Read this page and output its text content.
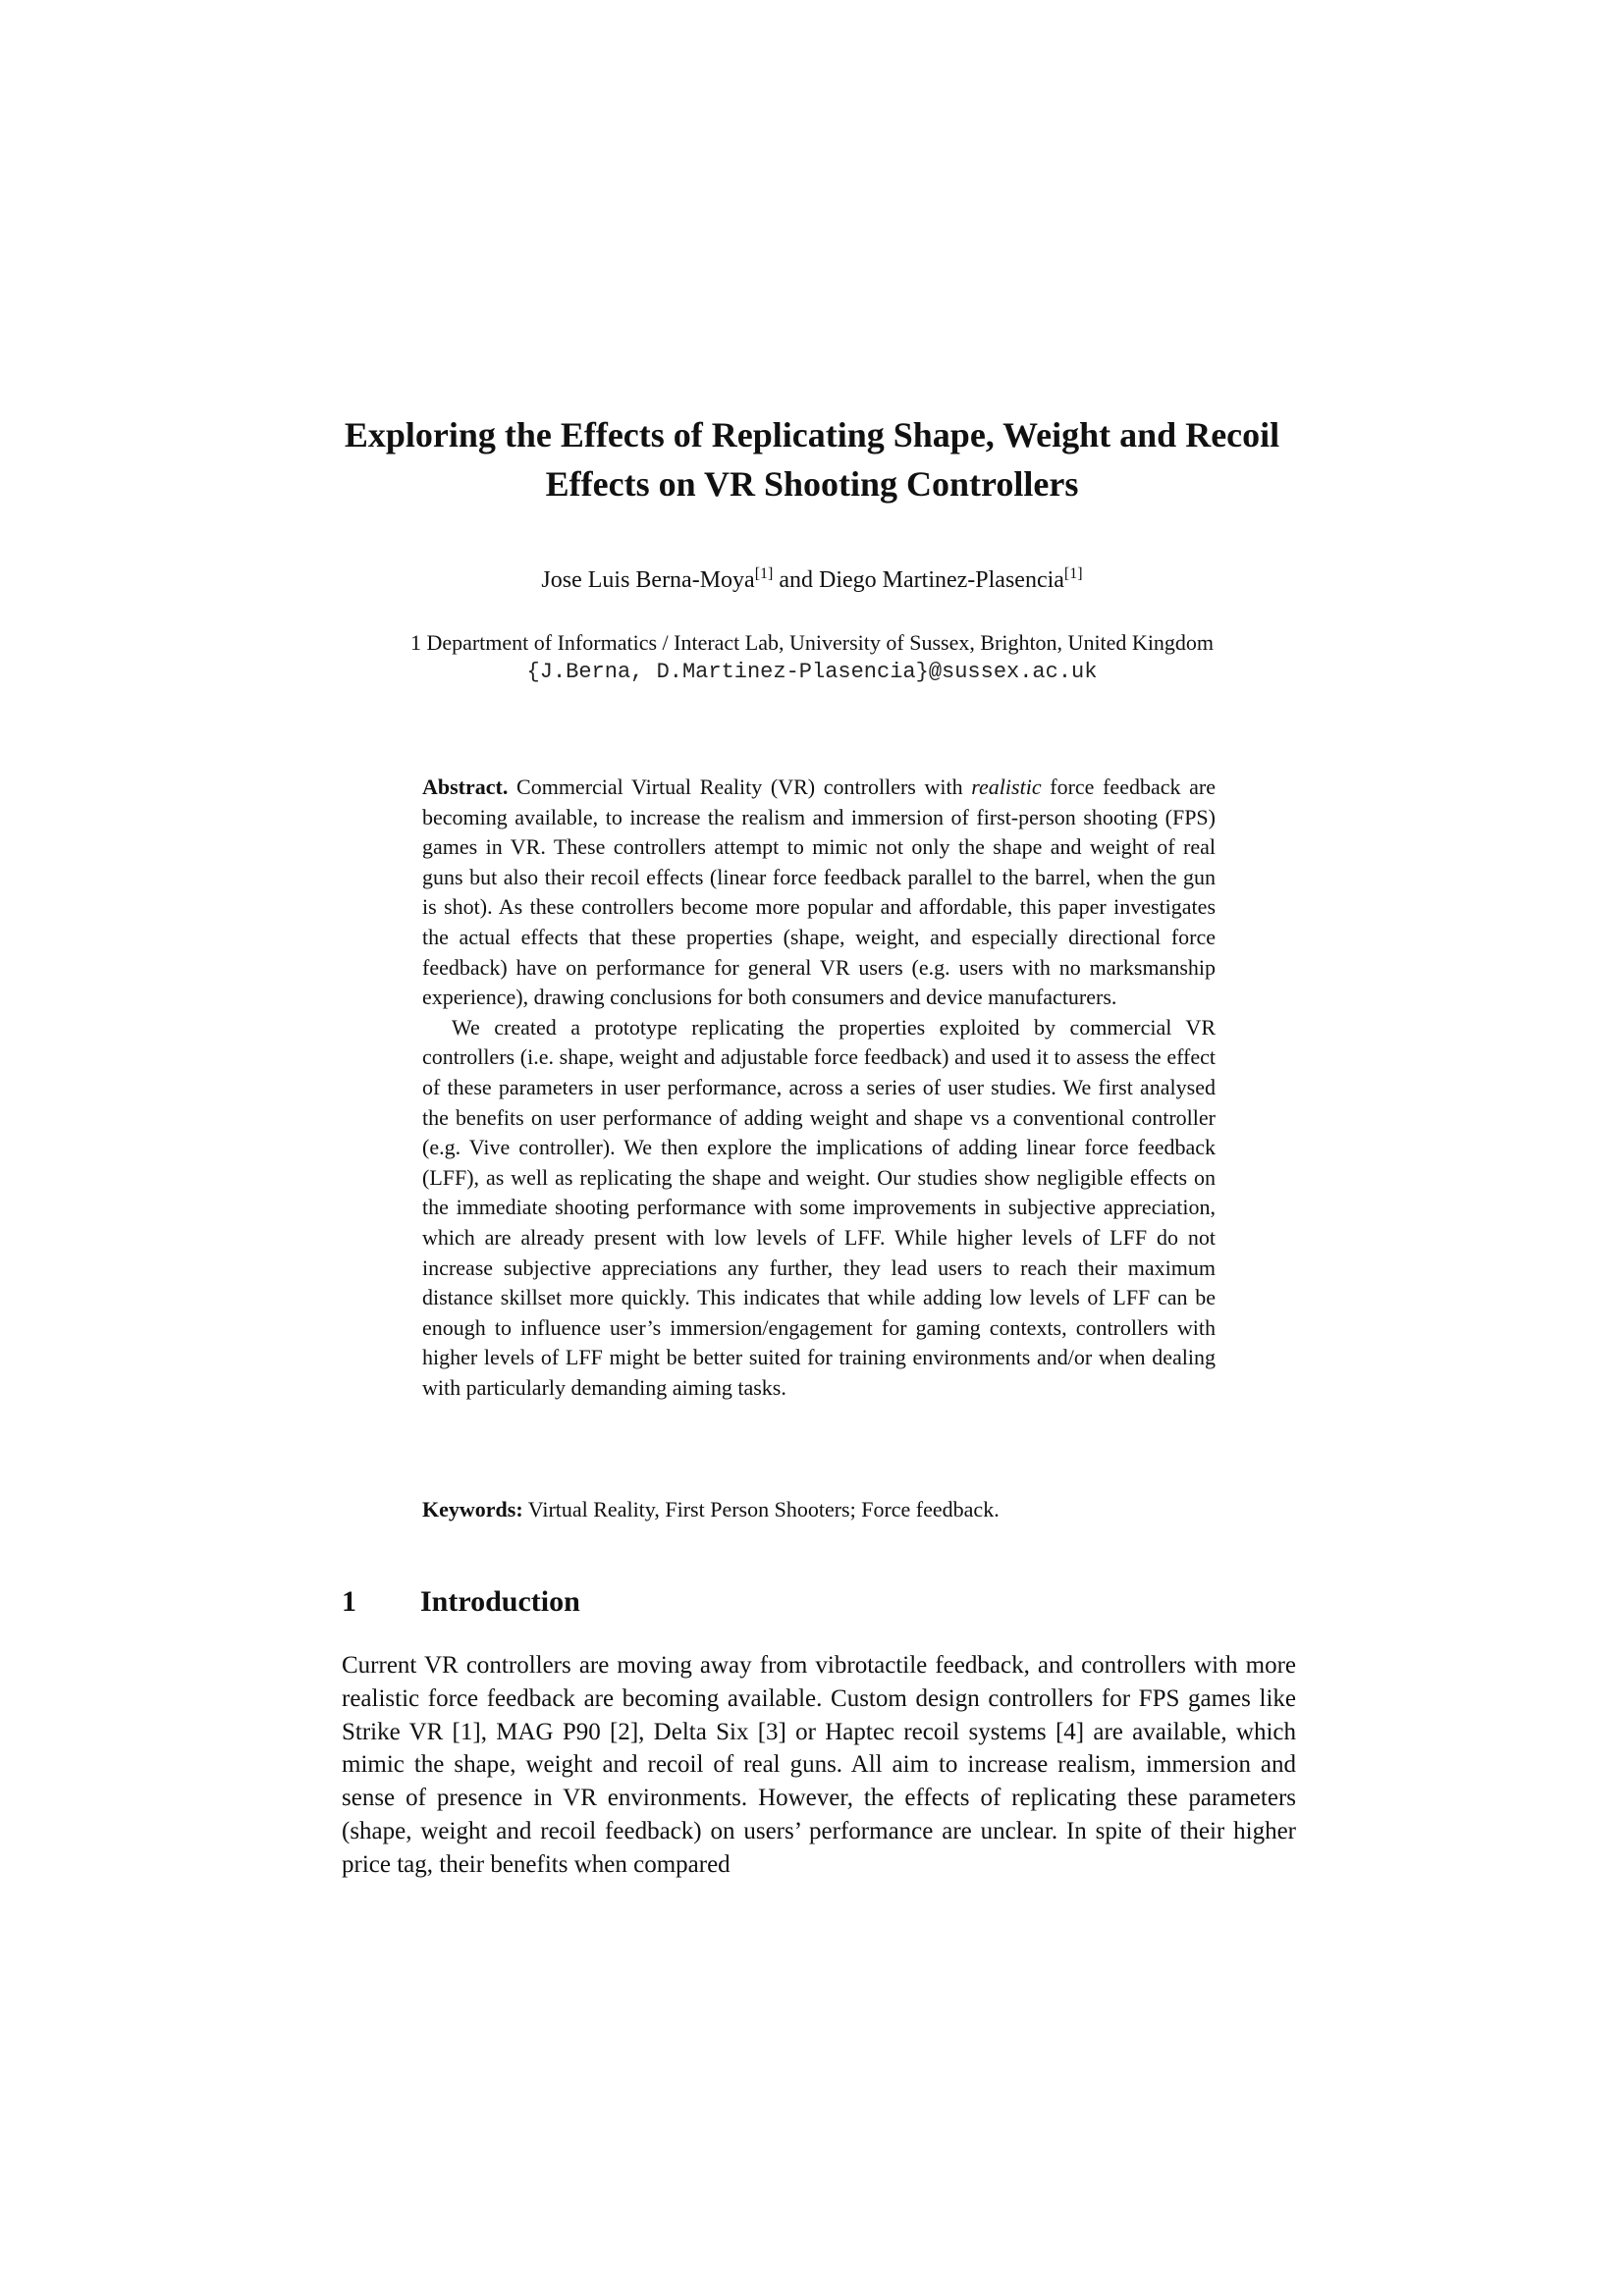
Exploring the Effects of Replicating Shape, Weight and Recoil Effects on VR Shooting Controllers
Jose Luis Berna-Moya[1] and Diego Martinez-Plasencia[1]
1 Department of Informatics / Interact Lab, University of Sussex, Brighton, United Kingdom
{J.Berna, D.Martinez-Plasencia}@sussex.ac.uk

Abstract. Commercial Virtual Reality (VR) controllers with realistic force feedback are becoming available, to increase the realism and immersion of first-person shooting (FPS) games in VR. These controllers attempt to mimic not only the shape and weight of real guns but also their recoil effects (linear force feedback parallel to the barrel, when the gun is shot). As these controllers become more popular and affordable, this paper investigates the actual effects that these properties (shape, weight, and especially directional force feedback) have on performance for general VR users (e.g. users with no marksmanship experience), drawing conclusions for both consumers and device manufacturers.

We created a prototype replicating the properties exploited by commercial VR controllers (i.e. shape, weight and adjustable force feedback) and used it to assess the effect of these parameters in user performance, across a series of user studies. We first analysed the benefits on user performance of adding weight and shape vs a conventional controller (e.g. Vive controller). We then explore the implications of adding linear force feedback (LFF), as well as replicating the shape and weight. Our studies show negligible effects on the immediate shooting performance with some improvements in subjective appreciation, which are already present with low levels of LFF. While higher levels of LFF do not increase subjective appreciations any further, they lead users to reach their maximum distance skillset more quickly. This indicates that while adding low levels of LFF can be enough to influence user’s immersion/engagement for gaming contexts, controllers with higher levels of LFF might be better suited for training environments and/or when dealing with particularly demanding aiming tasks.

Keywords: Virtual Reality, First Person Shooters; Force feedback.
1 Introduction

Current VR controllers are moving away from vibrotactile feedback, and controllers with more realistic force feedback are becoming available. Custom design controllers for FPS games like Strike VR [1], MAG P90 [2], Delta Six [3] or Haptec recoil systems [4] are available, which mimic the shape, weight and recoil of real guns. All aim to increase realism, immersion and sense of presence in VR environments. However, the effects of replicating these parameters (shape, weight and recoil feedback) on users’ performance are unclear. In spite of their higher price tag, their benefits when compared
